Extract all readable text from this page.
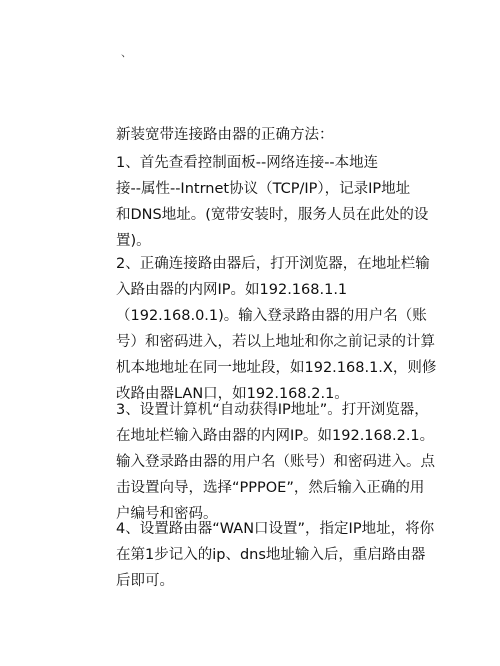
、
新装宽带连接路由器的正确方法：
1、首先查看控制面板--网络连接--本地连
接--属性--Intrnet协议（TCP/IP），记录IP地址
和DNS地址。(宽带安装时，服务人员在此处的设
置)。
2、正确连接路由器后，打开浏览器，在地址栏输
入路由器的内网IP。如192.168.1.1
（192.168.0.1)。输入登录路由器的用户名（账
号）和密码进入，若以上地址和你之前记录的计算
机本地地址在同一地址段，如192.168.1.X，则修
改路由器LAN口，如192.168.2.1。
3、设置计算机“自动获得IP地址”。打开浏览器，
在地址栏输入路由器的内网IP。如192.168.2.1。
输入登录路由器的用户名（账号）和密码进入。点
击设置向导，选择“PPPOE”，然后输入正确的用
户编号和密码。
4、设置路由器“WAN口设置”，指定IP地址，将你
在第1步记入的ip、dns地址输入后，重启路由器
后即可。
